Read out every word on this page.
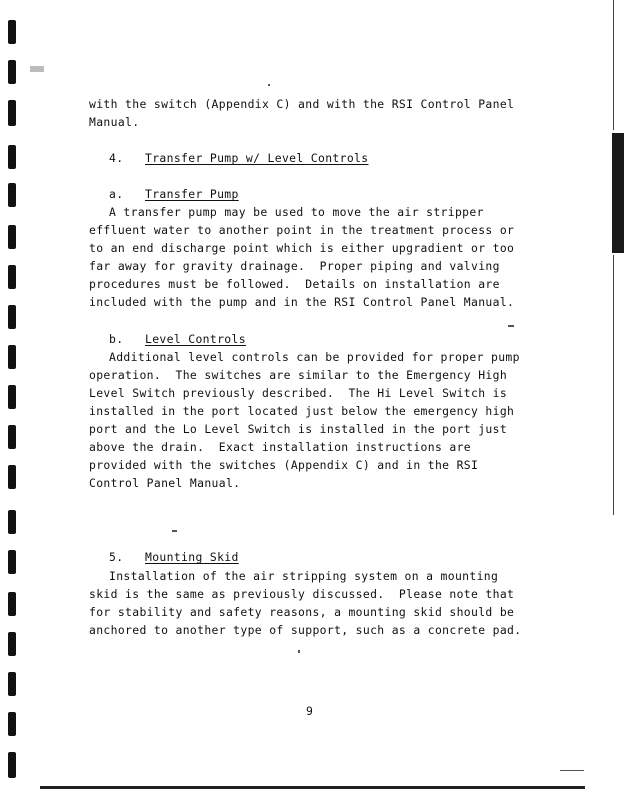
with the switch (Appendix C) and with the RSI Control Panel
Manual.
4. Transfer Pump w/ Level Controls
a. Transfer Pump
A transfer pump may be used to move the air stripper
effluent water to another point in the treatment process or
to an end discharge point which is either upgradient or too
far away for gravity drainage.  Proper piping and valving
procedures must be followed.  Details on installation are
included with the pump and in the RSI Control Panel Manual.
b. Level Controls
Additional level controls can be provided for proper pump
operation.  The switches are similar to the Emergency High
Level Switch previously described.  The Hi Level Switch is
installed in the port located just below the emergency high
port and the Lo Level Switch is installed in the port just
above the drain.  Exact installation instructions are
provided with the switches (Appendix C) and in the RSI
Control Panel Manual.
5. Mounting Skid
Installation of the air stripping system on a mounting
skid is the same as previously discussed.  Please note that
for stability and safety reasons, a mounting skid should be
anchored to another type of support, such as a concrete pad.
9
